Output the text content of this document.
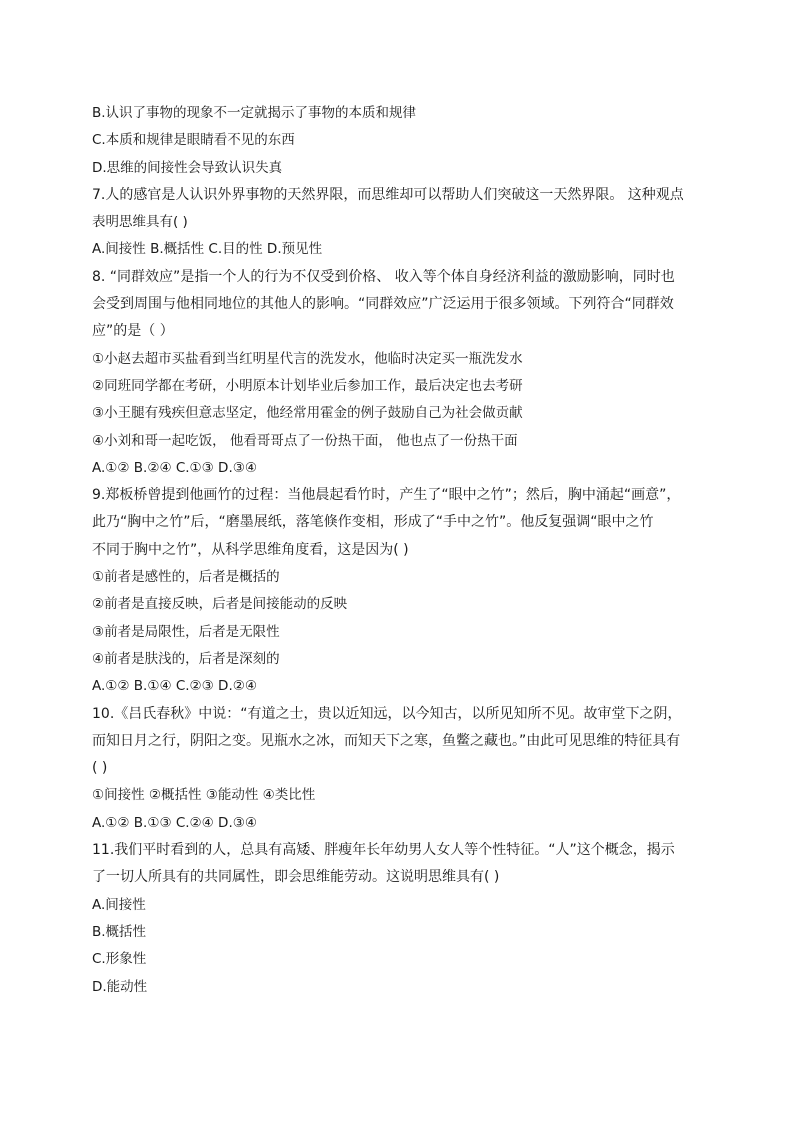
B.认识了事物的现象不一定就揭示了事物的本质和规律
C.本质和规律是眼睛看不见的东西
D.思维的间接性会导致认识失真
7.人的感官是人认识外界事物的天然界限，而思维却可以帮助人们突破这一天然界限。 这种观点
表明思维具有( )
A.间接性 B.概括性 C.目的性 D.预见性
8. “同群效应”是指一个人的行为不仅受到价格、 收入等个体自身经济利益的激励影响，同时也
会受到周围与他相同地位的其他人的影响。“同群效应”广泛运用于很多领域。下列符合“同群效
应”的是（ ）
①小赵去超市买盐看到当红明星代言的洗发水，他临时决定买一瓶洗发水
②同班同学都在考研，小明原本计划毕业后参加工作，最后决定也去考研
③小王腿有残疾但意志坚定，他经常用霍金的例子鼓励自己为社会做贡献
④小刘和哥一起吃饭， 他看哥哥点了一份热干面， 他也点了一份热干面
A.①② B.②④ C.①③ D.③④
9.郑板桥曾提到他画竹的过程：当他晨起看竹时，产生了“眼中之竹”；然后，胸中涌起“画意”，
此乃“胸中之竹”后，“磨墨展纸，落笔倏作变相，形成了“手中之竹”。他反复强调“眼中之竹
不同于胸中之竹”，从科学思维角度看，这是因为( )
①前者是感性的，后者是概括的
②前者是直接反映，后者是间接能动的反映
③前者是局限性，后者是无限性
④前者是肤浅的，后者是深刻的
A.①② B.①④ C.②③ D.②④
10.《吕氏春秋》中说：“有道之士，贵以近知远，以今知古，以所见知所不见。故审堂下之阴，
而知日月之行，阴阳之变。见瓶水之冰，而知天下之寒，鱼鳖之藏也。”由此可见思维的特征具有
( )
①间接性 ②概括性 ③能动性 ④类比性
A.①② B.①③ C.②④ D.③④
11.我们平时看到的人，总具有高矮、胖瘦年长年幼男人女人等个性特征。“人”这个概念，揭示
了一切人所具有的共同属性，即会思维能劳动。这说明思维具有( )
A.间接性
B.概括性
C.形象性
D.能动性
